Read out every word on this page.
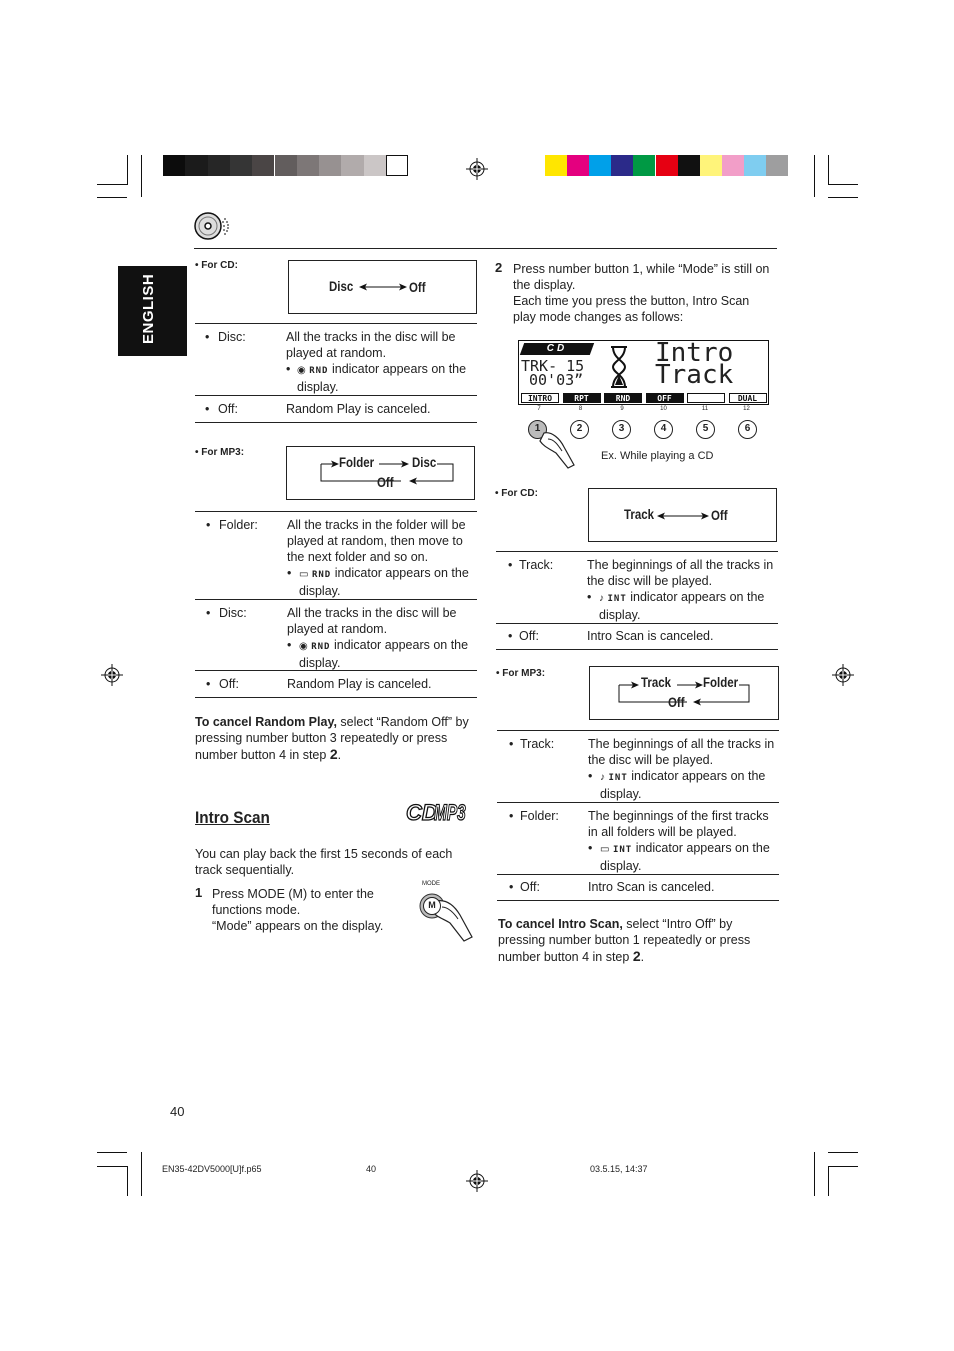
ENGLISH
• For CD:
Disc	Off
• Disc:	All the tracks in the disc will be played at random.
• ◉ RND indicator appears on the display.
• Off:	Random Play is canceled.
• For MP3:
Folder	Disc
Off
• Folder: All the tracks in the folder will be played at random, then move to the next folder and so on.
• ▭ RND indicator appears on the display.
• Disc:	All the tracks in the disc will be played at random.
• ◉ RND indicator appears on the display.
• Off:	Random Play is canceled.
To cancel Random Play, select “Random Off” by pressing number button 3 repeatedly or press number button 4 in step 2.
Intro Scan	CD
MP3
You can play back the first 15 seconds of each track sequentially.
1 Press MODE (M) to enter the functions mode.
“Mode” appears on the display.
MODE
M
2 Press number button 1, while “Mode” is still on the display.
Each time you press the button, Intro Scan play mode changes as follows:
CD
TRK- 15
00'03”
Intro
Track
INTRO	RPT	RND	OFF	DUAL
7	8	9	10	11	12
1	2	3	4	5	6
Ex. While playing a CD
• For CD:
Track	Off
• Track:	The beginnings of all the tracks in the disc will be played.
• ♪ INT indicator appears on the display.
• Off:	Intro Scan is canceled.
• For MP3:
Track Folder
Off
• Track:	The beginnings of all the tracks in the disc will be played.
• ♪ INT indicator appears on the display.
• Folder: The beginnings of the first tracks in all folders will be played.
• ▭ INT indicator appears on the display.
• Off:	Intro Scan is canceled.
To cancel Intro Scan, select “Intro Off” by pressing number button 1 repeatedly or press number button 4 in step 2.
40
EN35-42DV5000[U]f.p65	40	03.5.15, 14:37
